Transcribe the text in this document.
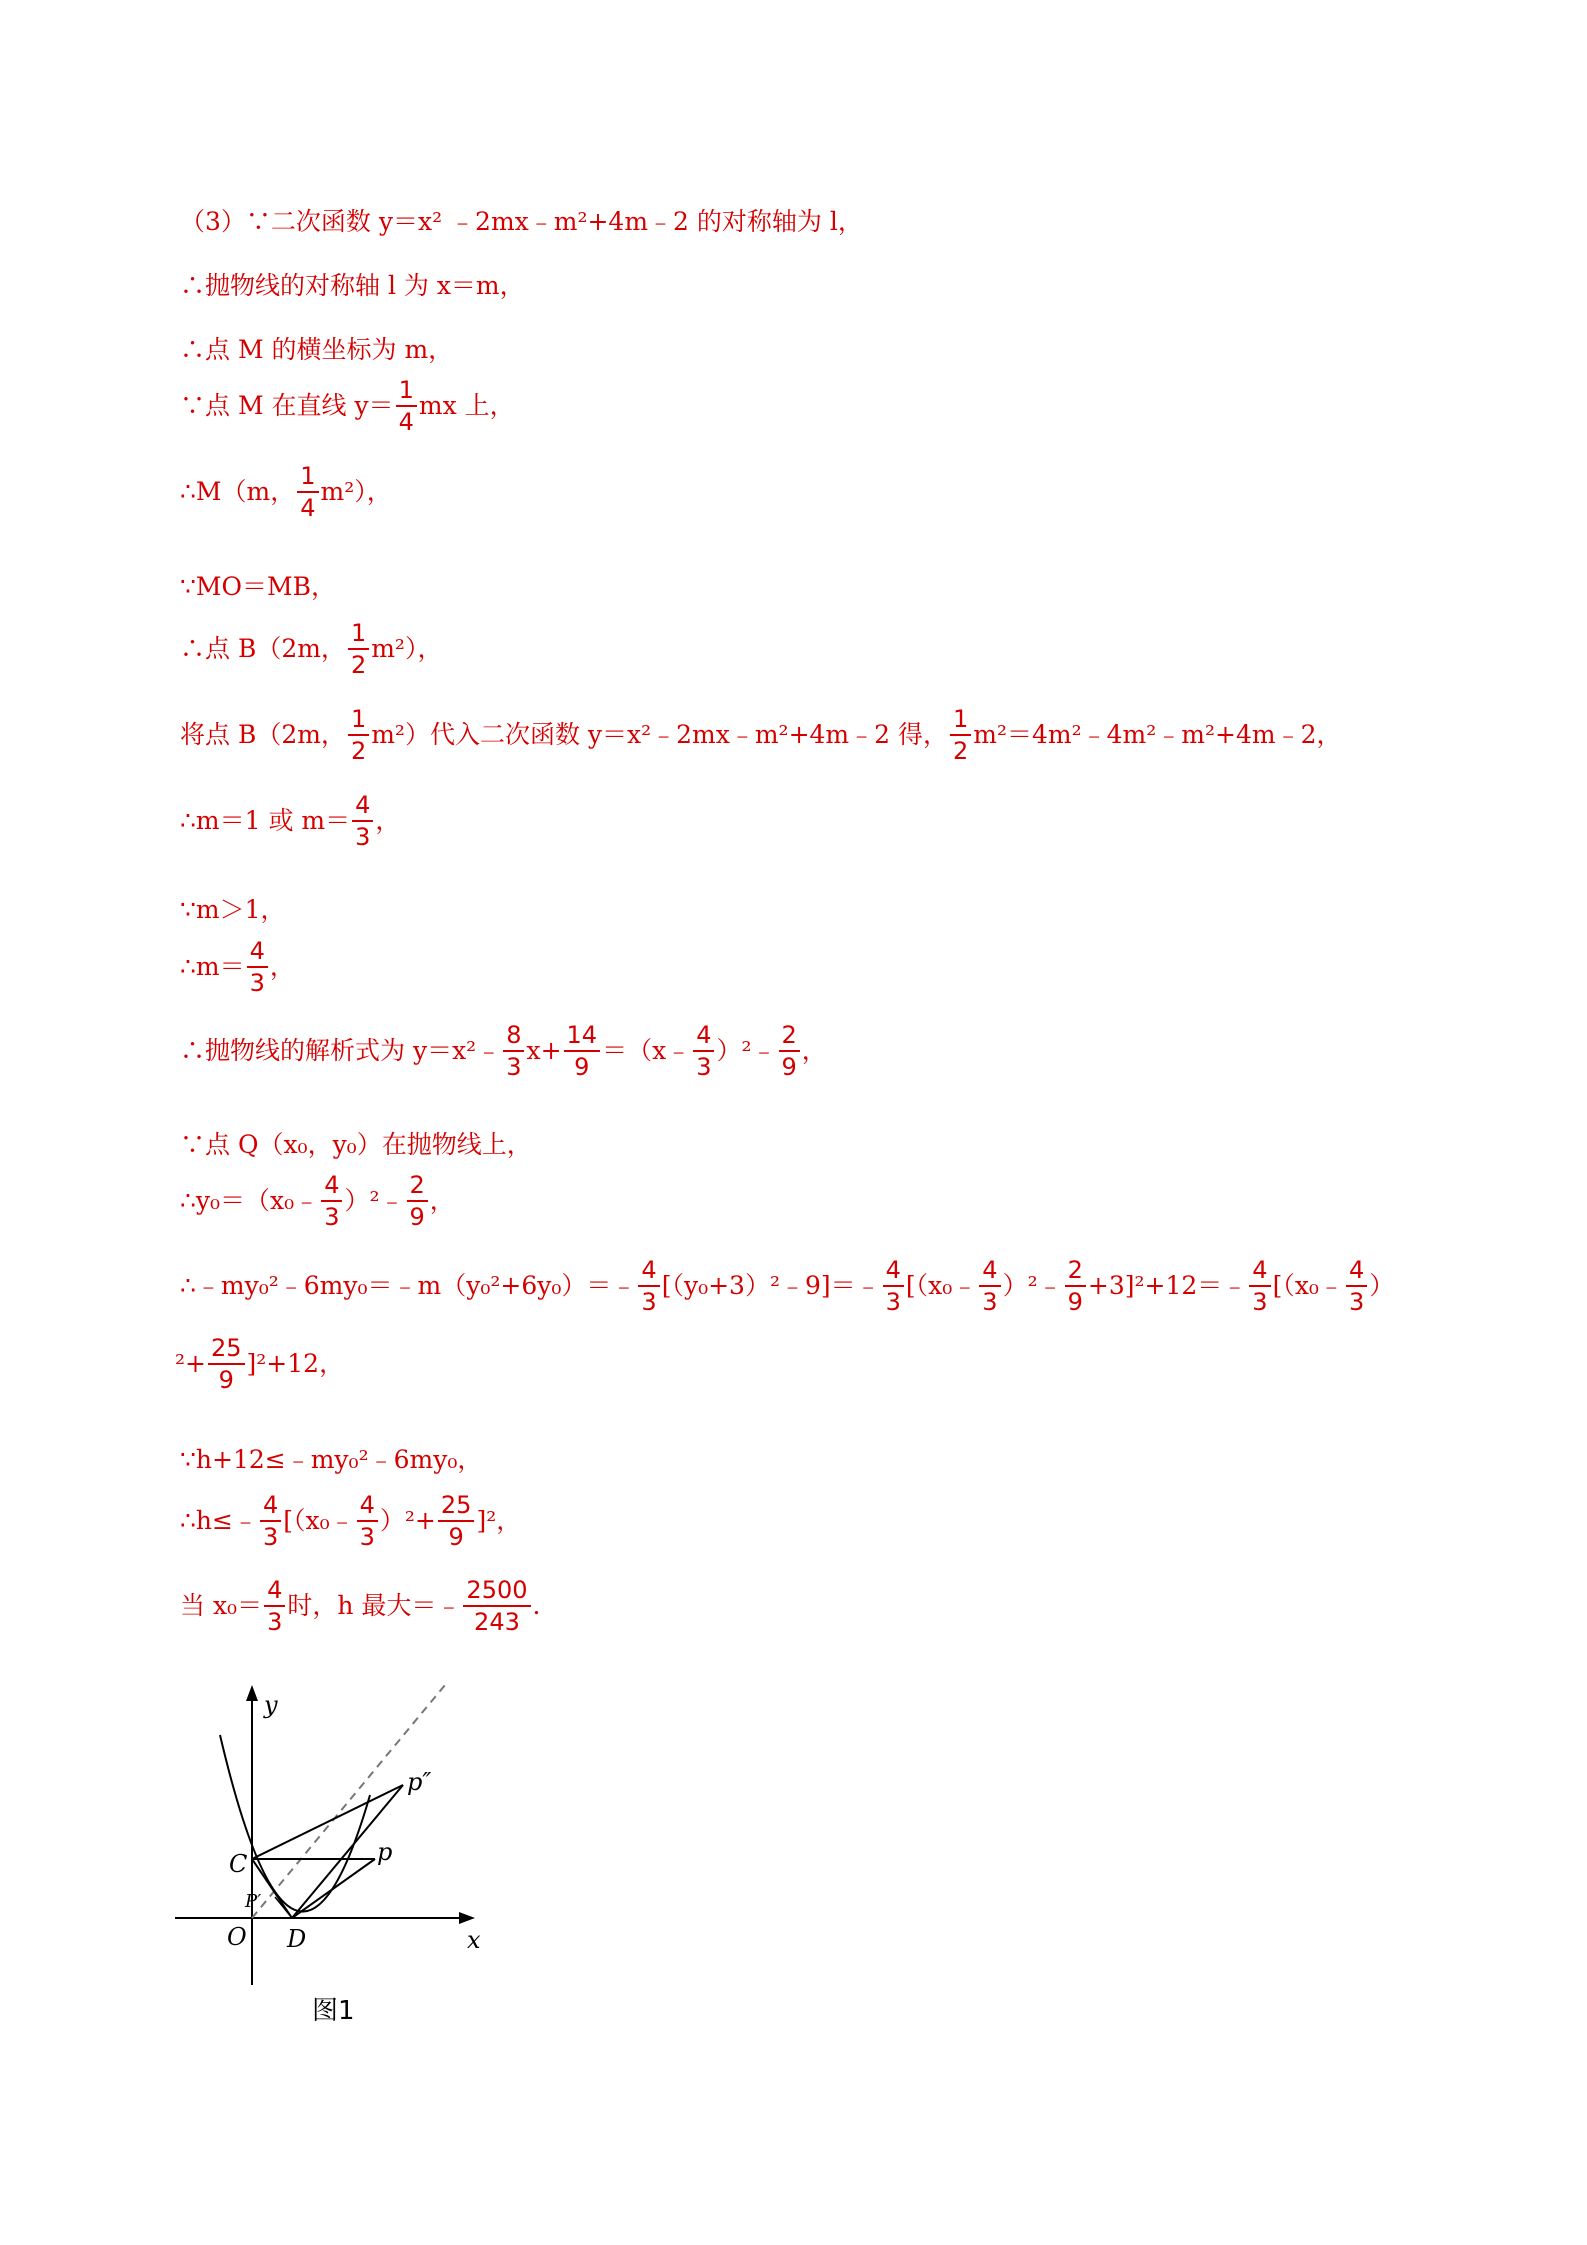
（3）∵二次函数 y＝x² ﹣2mx﹣m²+4m﹣2 的对称轴为 l，
∴抛物线的对称轴 l 为 x＝m，
∴点 M 的横坐标为 m，
∵点 M 在直线 $y= \frac{1}{4}$ mx 上，
∴M（m， $\frac{1}{4} m^2$），
∵MO＝MB，
∴点 B（2m， $\frac{1}{2} m^2$），
将点 B（2m， $\frac{1}{2} m^2$）代入二次函数 y＝x²﹣2mx﹣m²+4m﹣2 得， $\frac{1}{2}$ m²＝4m²﹣4m²﹣m²+4m﹣2，
∴m＝1 或 $m= \frac{4}{3}$ ，
∵m＞1，
∴m＝ $\frac{4}{3}$ ，
∴抛物线的解析式为 y＝x²﹣ $\frac{8}{3} x+ \frac{14}{9}$ ＝（x﹣ $\frac{4}{3}$ ）²﹣ $\frac{2}{9}$ ，
∵点 Q（x₀，y₀）在抛物线上，
∴y₀＝（x₀﹣ $\frac{4}{3}$ ）²﹣ $\frac{2}{9}$ ，
∴﹣my₀²﹣6my₀＝﹣m（y₀²+6y₀）＝﹣ $\frac{4}{3}$ [（y₀+3）²﹣9]＝﹣ $\frac{4}{3}$ [（x₀﹣ $\frac{4}{3}$ ）²﹣ $\frac{2}{9}$ +3]²+12＝﹣ $\frac{4}{3}$ [（x₀﹣ $\frac{4}{3}$ ）
$^2+ \frac{25}{9} ]^2+12$，
∵h+12≤﹣my₀²﹣6my₀，
∴h≤﹣ $\frac{4}{3}$ [（x₀﹣ $\frac{4}{3} )^2+ \frac{25}{9} ]^2$，
当 $x_0= \frac{4}{3}$ 时，h 最大＝﹣ $\frac{2500}{243}$ .
y
x
O
C
D
p
p″
P′
图1
